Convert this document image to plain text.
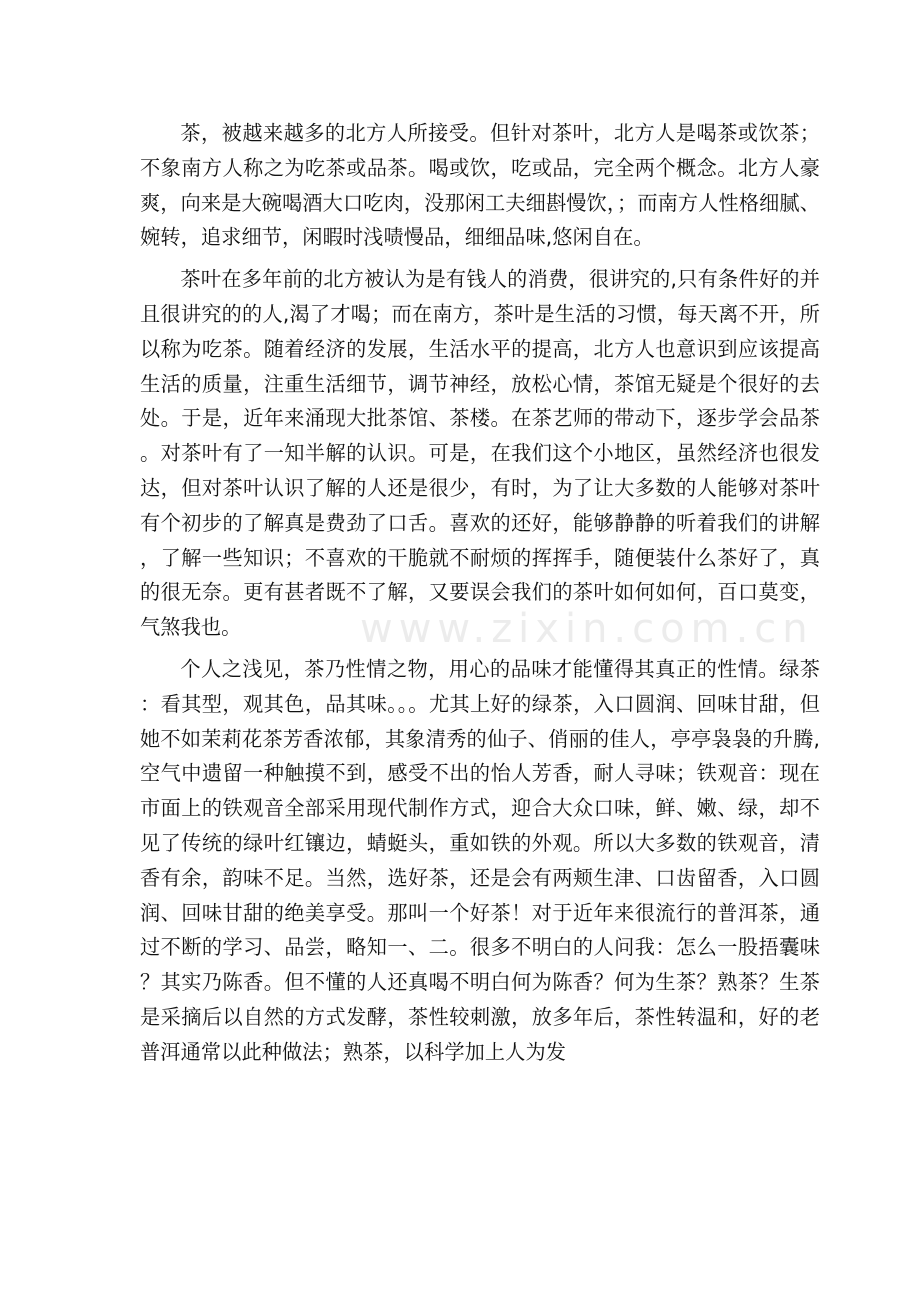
茶，被越来越多的北方人所接受。但针对茶叶，北方人是喝茶或饮茶；不象南方人称之为吃茶或品茶。喝或饮，吃或品，完全两个概念。北方人豪爽，向来是大碗喝酒大口吃肉，没那闲工夫细斟慢饮，；而南方人性格细腻、婉转，追求细节，闲暇时浅啧慢品，细细品味,悠闲自在。

茶叶在多年前的北方被认为是有钱人的消费，很讲究的,只有条件好的并且很讲究的的人,渴了才喝；而在南方，茶叶是生活的习惯，每天离不开，所以称为吃茶。随着经济的发展，生活水平的提高，北方人也意识到应该提高生活的质量，注重生活细节，调节神经，放松心情，茶馆无疑是个很好的去处。于是，近年来涌现大批茶馆、茶楼。在茶艺师的带动下，逐步学会品茶。对茶叶有了一知半解的认识。可是，在我们这个小地区，虽然经济也很发达，但对茶叶认识了解的人还是很少，有时，为了让大多数的人能够对茶叶有个初步的了解真是费劲了口舌。喜欢的还好，能够静静的听着我们的讲解，了解一些知识；不喜欢的干脆就不耐烦的挥挥手，随便装什么茶好了，真的很无奈。更有甚者既不了解，又要误会我们的茶叶如何如何，百口莫变，气煞我也。

个人之浅见，茶乃性情之物，用心的品味才能懂得其真正的性情。绿茶：看其型，观其色，品其味。。。尤其上好的绿茶，入口圆润、回味甘甜，但她不如茉莉花茶芳香浓郁，其象清秀的仙子、俏丽的佳人，亭亭袅袅的升腾,空气中遗留一种触摸不到，感受不出的怡人芳香，耐人寻味；铁观音：现在市面上的铁观音全部采用现代制作方式，迎合大众口味，鲜、嫩、绿，却不见了传统的绿叶红镶边，蜻蜓头，重如铁的外观。所以大多数的铁观音，清香有余，韵味不足。当然，选好茶，还是会有两颊生津、口齿留香，入口圆润、回味甘甜的绝美享受。那叫一个好茶！对于近年来很流行的普洱茶，通过不断的学习、品尝，略知一、二。很多不明白的人问我：怎么一股捂囊味？其实乃陈香。但不懂的人还真喝不明白何为陈香？何为生茶？熟茶？生茶是采摘后以自然的方式发酵，茶性较刺激，放多年后，茶性转温和，好的老普洱通常以此种做法；熟茶，以科学加上人为发

www.zixin.com.cn
